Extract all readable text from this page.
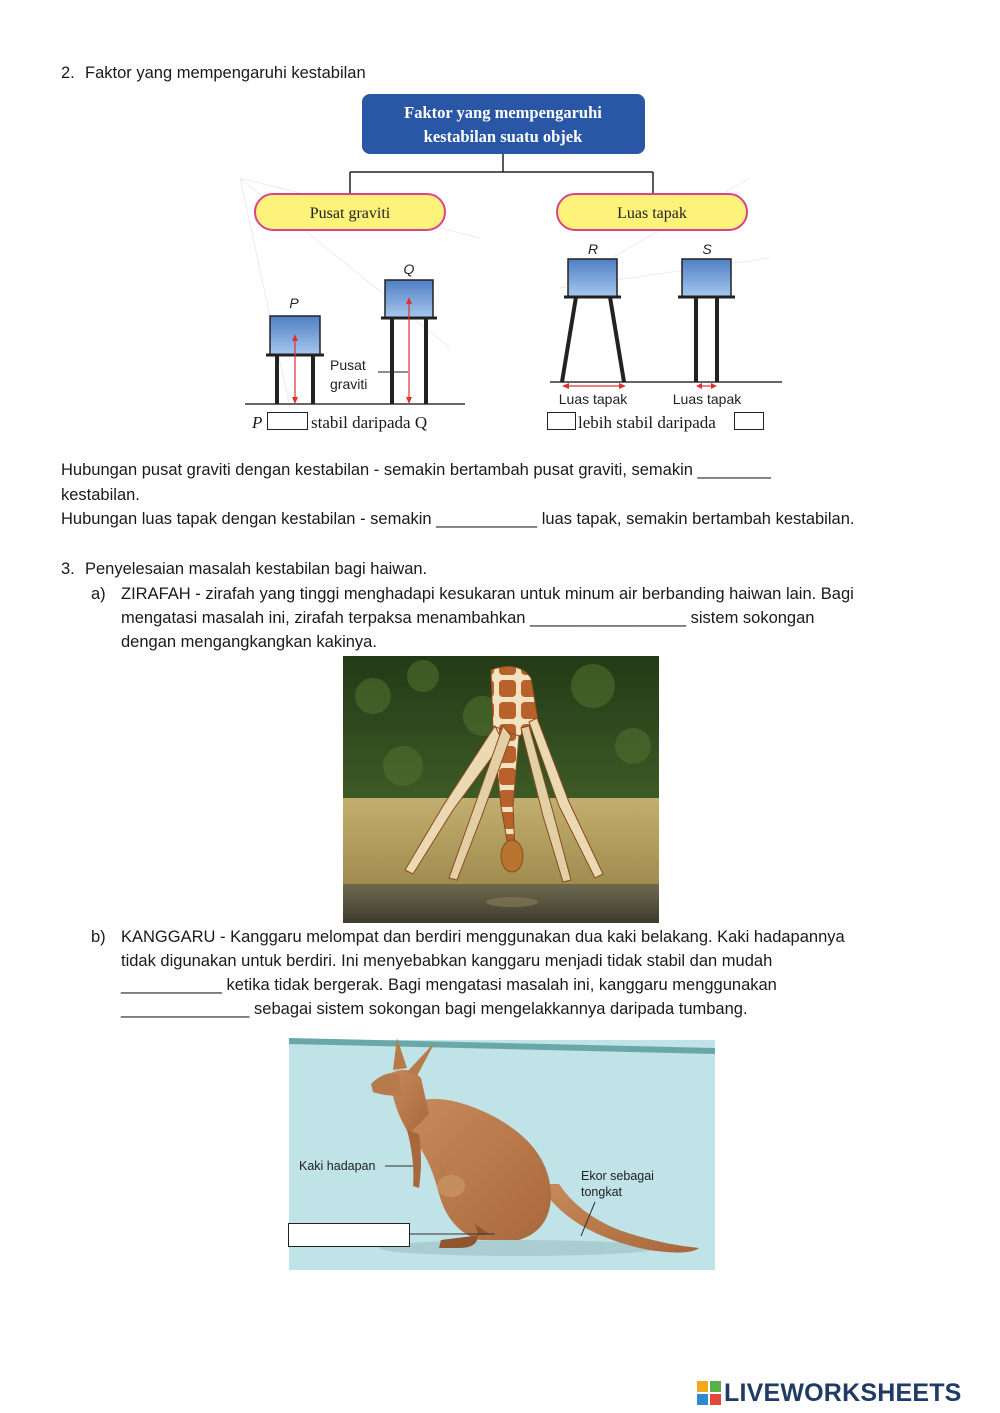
2. Faktor yang mempengaruhi kestabilan
Faktor yang mempengaruhi
kestabilan suatu objek
Pusat graviti	Luas tapak
P
Q
Pusat
graviti
R
Luas tapak
S
Luas tapak
P	stabil daripada Q	lebih stabil daripada
Hubungan pusat graviti dengan kestabilan - semakin bertambah pusat graviti, semakin ________
kestabilan.
Hubungan luas tapak dengan kestabilan - semakin ___________ luas tapak, semakin bertambah kestabilan.
3. Penyelesaian masalah kestabilan bagi haiwan.
a) ZIRAFAH - zirafah yang tinggi menghadapi kesukaran untuk minum air berbanding haiwan lain. Bagi
mengatasi masalah ini, zirafah terpaksa menambahkan _________________ sistem sokongan
dengan mengangkangkan kakinya.
b) KANGGARU - Kanggaru melompat dan berdiri menggunakan dua kaki belakang. Kaki hadapannya
tidak digunakan untuk berdiri. Ini menyebabkan kanggaru menjadi tidak stabil dan mudah
___________ ketika tidak bergerak. Bagi mengatasi masalah ini, kanggaru menggunakan
______________ sebagai sistem sokongan bagi mengelakkannya daripada tumbang.
Kaki hadapan
Ekor sebagai
tongkat
LIVEWORKSHEETS
